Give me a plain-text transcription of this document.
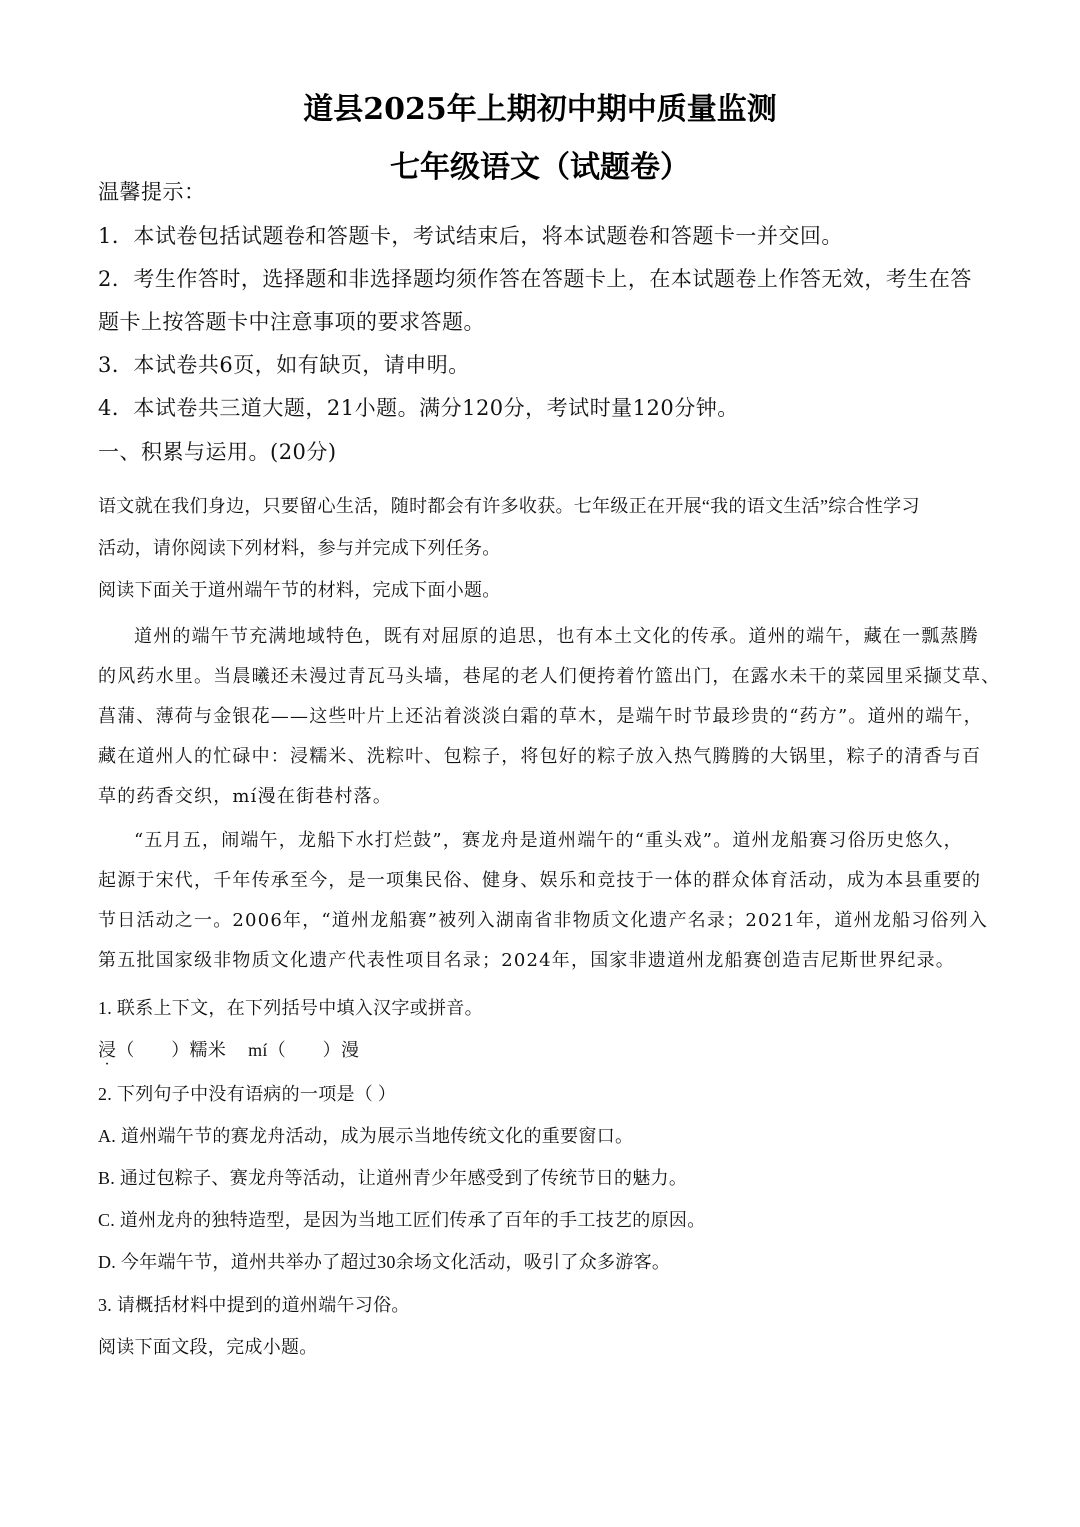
道县2025年上期初中期中质量监测
七年级语文（试题卷）
温馨提示：
1．本试卷包括试题卷和答题卡，考试结束后，将本试题卷和答题卡一并交回。
2．考生作答时，选择题和非选择题均须作答在答题卡上，在本试题卷上作答无效，考生在答
题卡上按答题卡中注意事项的要求答题。
3．本试卷共6页，如有缺页，请申明。
4．本试卷共三道大题，21小题。满分120分，考试时量120分钟。
一、积累与运用。(20分)
语文就在我们身边，只要留心生活，随时都会有许多收获。七年级正在开展“我的语文生活”综合性学习
活动，请你阅读下列材料，参与并完成下列任务。
阅读下面关于道州端午节的材料，完成下面小题。
道州的端午节充满地域特色，既有对屈原的追思，也有本土文化的传承。道州的端午，藏在一瓢蒸腾
的风药水里。当晨曦还未漫过青瓦马头墙，巷尾的老人们便挎着竹篮出门，在露水未干的菜园里采撷艾草、
菖蒲、薄荷与金银花——这些叶片上还沾着淡淡白霜的草木，是端午时节最珍贵的“药方”。道州的端午，
藏在道州人的忙碌中：浸糯米、洗粽叶、包粽子，将包好的粽子放入热气腾腾的大锅里，粽子的清香与百
草的药香交织，mí漫在街巷村落。
“五月五，闹端午，龙船下水打烂鼓”，赛龙舟是道州端午的“重头戏”。道州龙船赛习俗历史悠久，
起源于宋代，千年传承至今，是一项集民俗、健身、娱乐和竞技于一体的群众体育活动，成为本县重要的
节日活动之一。2006年，“道州龙船赛”被列入湖南省非物质文化遗产名录；2021年，道州龙船习俗列入
第五批国家级非物质文化遗产代表性项目名录；2024年，国家非遗道州龙船赛创造吉尼斯世界纪录。
1. 联系上下文，在下列括号中填入汉字或拼音。
浸（　　）糯米 mí（　　）漫
2. 下列句子中没有语病的一项是（ ）
A. 道州端午节的赛龙舟活动，成为展示当地传统文化的重要窗口。
B. 通过包粽子、赛龙舟等活动，让道州青少年感受到了传统节日的魅力。
C. 道州龙舟的独特造型，是因为当地工匠们传承了百年的手工技艺的原因。
D. 今年端午节，道州共举办了超过30余场文化活动，吸引了众多游客。
3. 请概括材料中提到的道州端午习俗。
阅读下面文段，完成小题。
